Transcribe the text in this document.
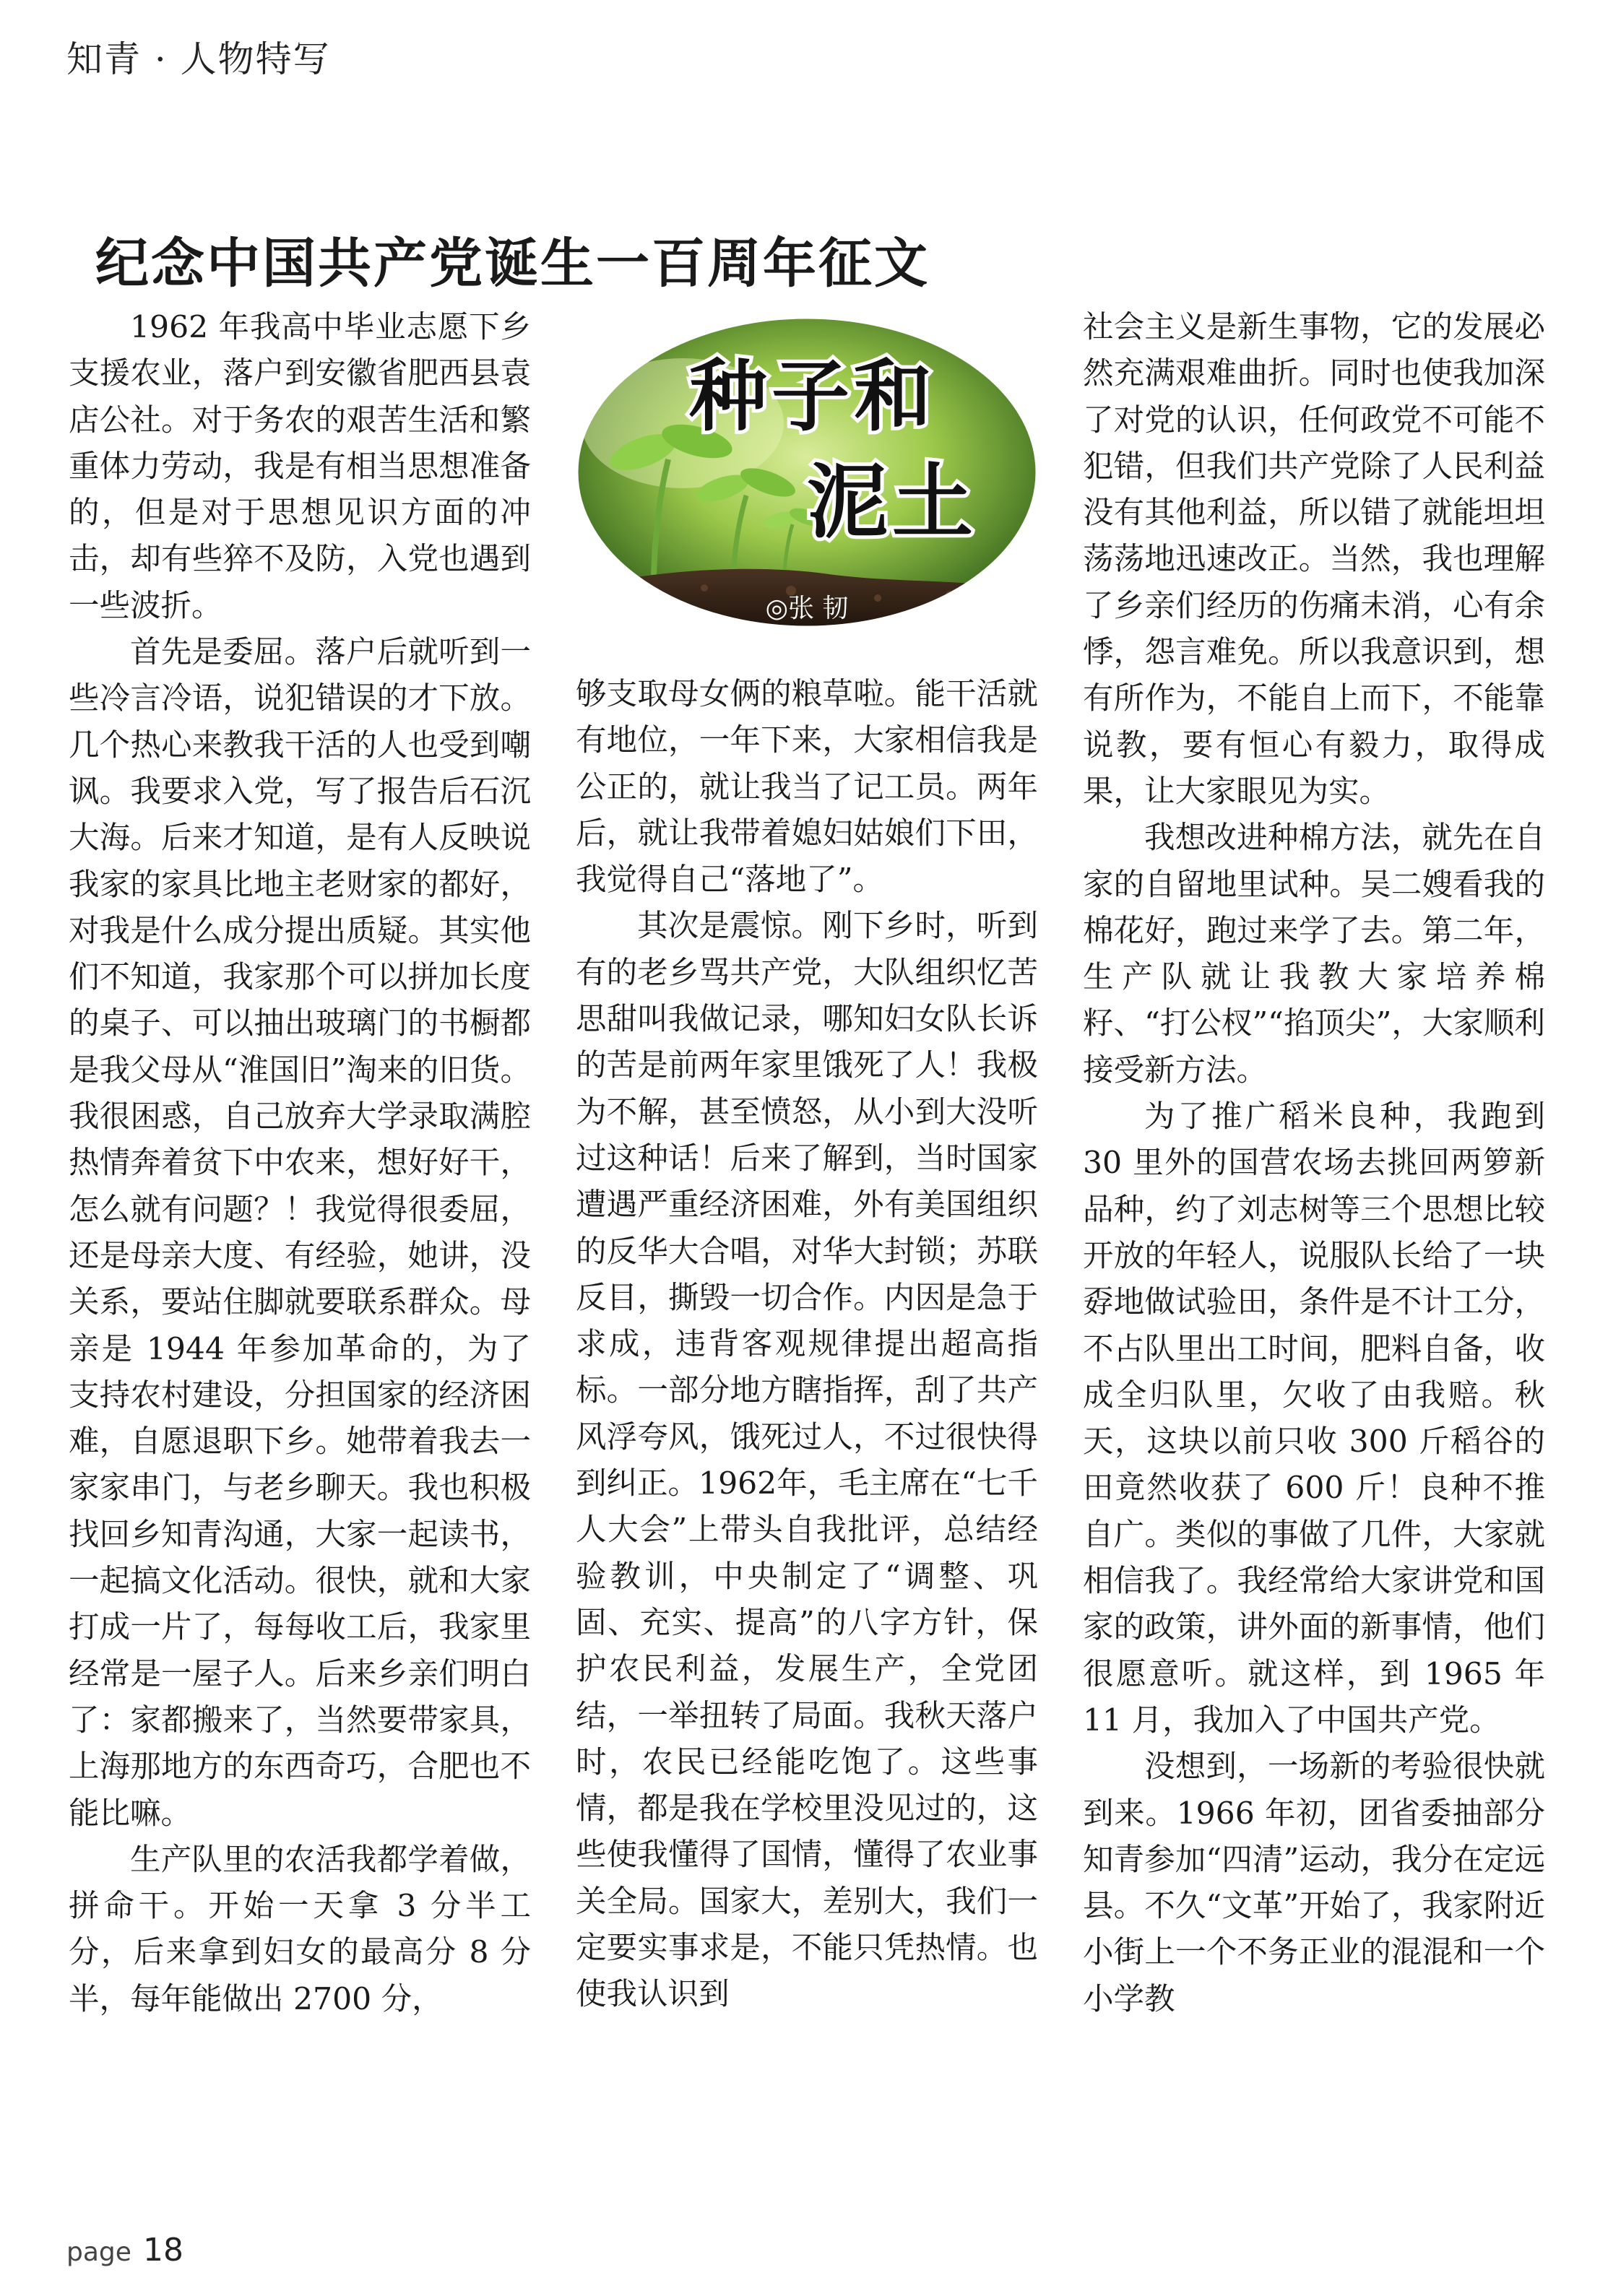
知青 · 人物特写
纪念中国共产党诞生一百周年征文

1962 年我高中毕业志愿下乡支援农业，落户到安徽省肥西县袁店公社。对于务农的艰苦生活和繁重体力劳动，我是有相当思想准备的，但是对于思想见识方面的冲击，却有些猝不及防，入党也遇到一些波折。

首先是委屈。落户后就听到一些冷言冷语，说犯错误的才下放。几个热心来教我干活的人也受到嘲讽。我要求入党，写了报告后石沉大海。后来才知道，是有人反映说我家的家具比地主老财家的都好，对我是什么成分提出质疑。其实他们不知道，我家那个可以拼加长度的桌子、可以抽出玻璃门的书橱都是我父母从“淮国旧”淘来的旧货。我很困惑，自己放弃大学录取满腔热情奔着贫下中农来，想好好干，怎么就有问题？！我觉得很委屈，还是母亲大度、有经验，她讲，没关系，要站住脚就要联系群众。母亲是 1944 年参加革命的，为了支持农村建设，分担国家的经济困难，自愿退职下乡。她带着我去一家家串门，与老乡聊天。我也积极找回乡知青沟通，大家一起读书，一起搞文化活动。很快，就和大家打成一片了，每每收工后，我家里经常是一屋子人。后来乡亲们明白了：家都搬来了，当然要带家具，上海那地方的东西奇巧，合肥也不能比嘛。

生产队里的农活我都学着做，拼命干。开始一天拿 3 分半工分，后来拿到妇女的最高分 8 分半，每年能做出 2700 分，

种子和
泥土
◎张 韧

够支取母女俩的粮草啦。能干活就有地位，一年下来，大家相信我是公正的，就让我当了记工员。两年后，就让我带着媳妇姑娘们下田，我觉得自己“落地了”。

其次是震惊。刚下乡时，听到有的老乡骂共产党，大队组织忆苦思甜叫我做记录，哪知妇女队长诉的苦是前两年家里饿死了人！我极为不解，甚至愤怒，从小到大没听过这种话！后来了解到，当时国家遭遇严重经济困难，外有美国组织的反华大合唱，对华大封锁；苏联反目，撕毁一切合作。内因是急于求成，违背客观规律提出超高指标。一部分地方瞎指挥，刮了共产风浮夸风，饿死过人，不过很快得到纠正。1962年，毛主席在“七千人大会”上带头自我批评，总结经验教训，中央制定了“调整、巩固、充实、提高”的八字方针，保护农民利益，发展生产，全党团结，一举扭转了局面。我秋天落户时，农民已经能吃饱了。这些事情，都是我在学校里没见过的，这些使我懂得了国情，懂得了农业事关全局。国家大，差别大，我们一定要实事求是，不能只凭热情。也使我认识到

社会主义是新生事物，它的发展必然充满艰难曲折。同时也使我加深了对党的认识，任何政党不可能不犯错，但我们共产党除了人民利益没有其他利益，所以错了就能坦坦荡荡地迅速改正。当然，我也理解了乡亲们经历的伤痛未消，心有余悸，怨言难免。所以我意识到，想有所作为，不能自上而下，不能靠说教，要有恒心有毅力，取得成果，让大家眼见为实。

我想改进种棉方法，就先在自家的自留地里试种。吴二嫂看我的棉花好，跑过来学了去。第二年，生产队就让我教大家培养棉籽、“打公杈”“掐顶尖”，大家顺利接受新方法。

为了推广稻米良种，我跑到 30 里外的国营农场去挑回两箩新品种，约了刘志树等三个思想比较开放的年轻人，说服队长给了一块孬地做试验田，条件是不计工分，不占队里出工时间，肥料自备，收成全归队里，欠收了由我赔。秋天，这块以前只收 300 斤稻谷的田竟然收获了 600 斤！良种不推自广。类似的事做了几件，大家就相信我了。我经常给大家讲党和国家的政策，讲外面的新事情，他们很愿意听。就这样，到 1965 年 11 月，我加入了中国共产党。

没想到，一场新的考验很快就到来。1966 年初，团省委抽部分知青参加“四清”运动，我分在定远县。不久“文革”开始了，我家附近小街上一个不务正业的混混和一个小学教

page 18
